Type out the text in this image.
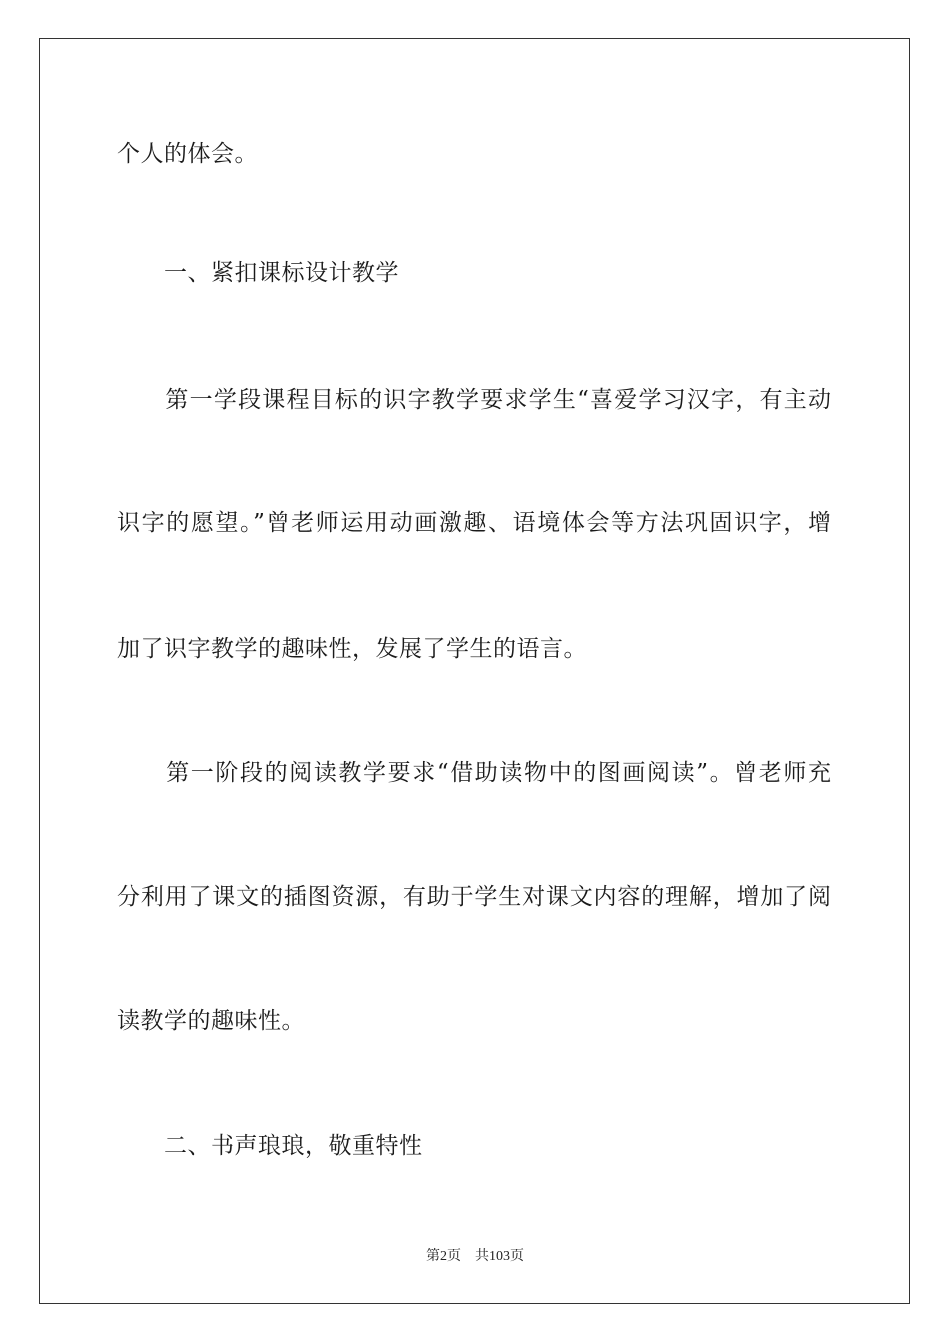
个人的体会。
　　一、紧扣课标设计教学
　　第一学段课程目标的识字教学要求学生“喜爱学习汉字，有主动
识字的愿望。”曾老师运用动画激趣、语境体会等方法巩固识字，增
加了识字教学的趣味性，发展了学生的语言。
　　第一阶段的阅读教学要求“借助读物中的图画阅读”。曾老师充
分利用了课文的插图资源，有助于学生对课文内容的理解，增加了阅
读教学的趣味性。
　　二、书声琅琅，敬重特性
第2页 共103页
